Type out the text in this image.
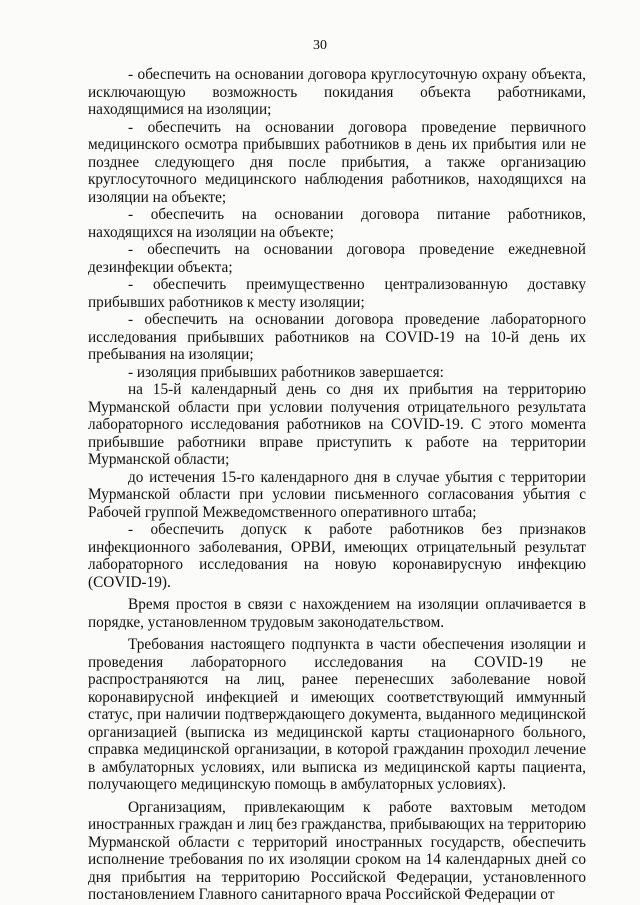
30

- обеспечить на основании договора круглосуточную охрану объекта, исключающую возможность покидания объекта работниками, находящимися на изоляции;

- обеспечить на основании договора проведение первичного медицинского осмотра прибывших работников в день их прибытия или не позднее следующего дня после прибытия, а также организацию круглосуточного медицинского наблюдения работников, находящихся на изоляции на объекте;

- обеспечить на основании договора питание работников, находящихся на изоляции на объекте;

- обеспечить на основании договора проведение ежедневной дезинфекции объекта;

- обеспечить преимущественно централизованную доставку прибывших работников к месту изоляции;

- обеспечить на основании договора проведение лабораторного исследования прибывших работников на COVID-19 на 10-й день их пребывания на изоляции;

- изоляция прибывших работников завершается:

на 15-й календарный день со дня их прибытия на территорию Мурманской области при условии получения отрицательного результата лабораторного исследования работников на COVID-19. С этого момента прибывшие работники вправе приступить к работе на территории Мурманской области;

до истечения 15-го календарного дня в случае убытия с территории Мурманской области при условии письменного согласования убытия с Рабочей группой Межведомственного оперативного штаба;

- обеспечить допуск к работе работников без признаков инфекционного заболевания, ОРВИ, имеющих отрицательный результат лабораторного исследования на новую коронавирусную инфекцию (COVID-19).

Время простоя в связи с нахождением на изоляции оплачивается в порядке, установленном трудовым законодательством.

Требования настоящего подпункта в части обеспечения изоляции и проведения лабораторного исследования на COVID-19 не распространяются на лиц, ранее перенесших заболевание новой коронавирусной инфекцией и имеющих соответствующий иммунный статус, при наличии подтверждающего документа, выданного медицинской организацией (выписка из медицинской карты стационарного больного, справка медицинской организации, в которой гражданин проходил лечение в амбулаторных условиях, или выписка из медицинской карты пациента, получающего медицинскую помощь в амбулаторных условиях).

Организациям, привлекающим к работе вахтовым методом иностранных граждан и лиц без гражданства, прибывающих на территорию Мурманской области с территорий иностранных государств, обеспечить исполнение требования по их изоляции сроком на 14 календарных дней со дня прибытия на территорию Российской Федерации, установленного постановлением Главного санитарного врача Российской Федерации от
